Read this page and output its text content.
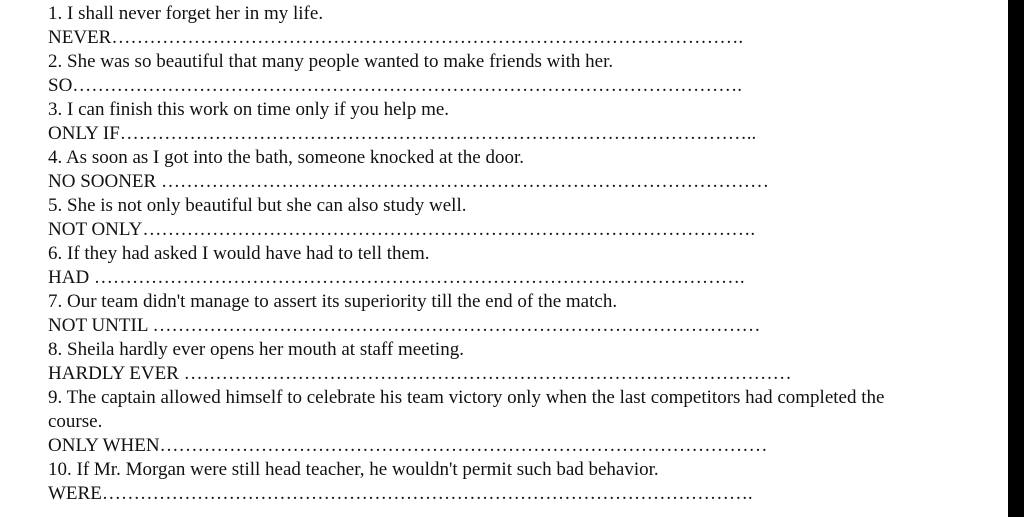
1. I shall never forget her in my life.

NEVER……………………………………………………………………………………….

2. She was so beautiful that many people wanted to make friends with her.

SO…………………………………………………………………………………………….

3. I can finish this work on time only if you help me.

ONLY IF………………………………………………………………………………………..

4. As soon as I got into the bath, someone knocked at the door.

NO SOONER ……………………………………………………………………………………

5. She is not only beautiful but she can also study well.

NOT ONLY…………………………………………………………………………………….

6. If they had asked I would have had to tell them.

HAD ………………………………………………………………………………………….

7. Our team didn't manage to assert its superiority till the end of the match.

NOT UNTIL ……………………………………………………………………………………

8. Sheila hardly ever opens her mouth at staff meeting.

HARDLY EVER ……………………………………………………………………………………

9. The captain allowed himself to celebrate his team victory only when the last competitors had completed the

course.

ONLY WHEN……………………………………………………………………………………

10. If Mr. Morgan were still head teacher, he wouldn't permit such bad behavior.

WERE………………………………………………………………………………………….
